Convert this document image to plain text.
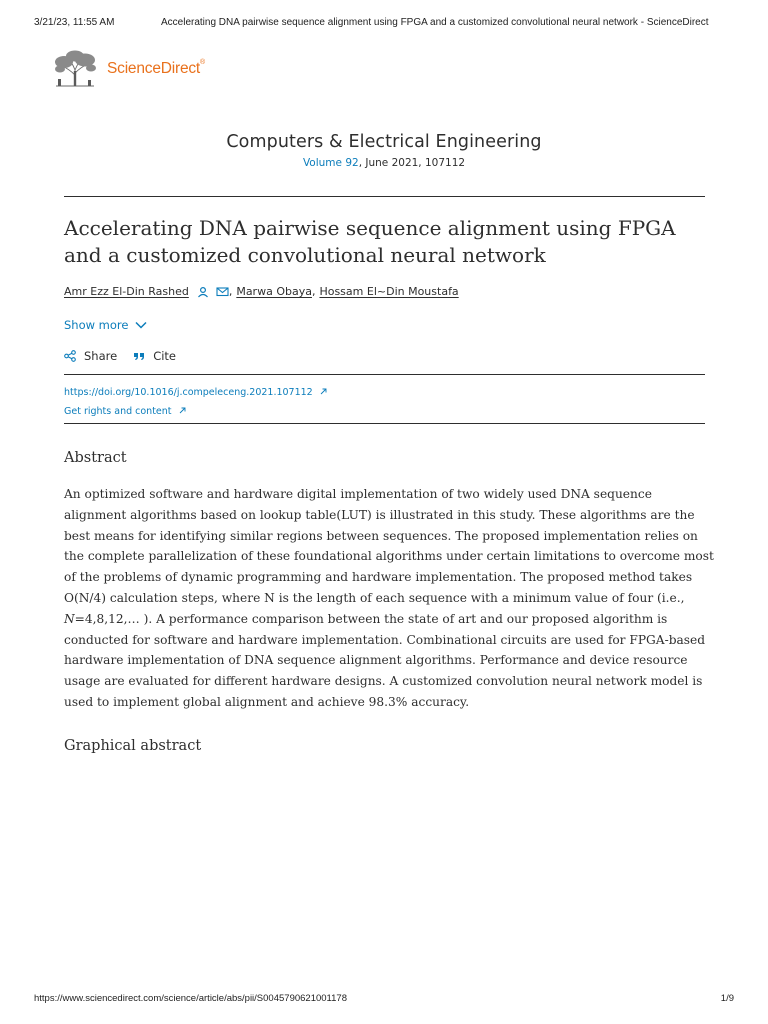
3/21/23, 11:55 AM	Accelerating DNA pairwise sequence alignment using FPGA and a customized convolutional neural network - ScienceDirect
ScienceDirect®
Computers & Electrical Engineering
Volume 92, June 2021, 107112
Accelerating DNA pairwise sequence alignment using FPGA and a customized convolutional neural network
Amr Ezz El-Din Rashed	, Marwa Obaya , Hossam El~Din Moustafa
Show more
Share	Cite
https://doi.org/10.1016/j.compeleceng.2021.107112
Get rights and content
Abstract

An optimized software and hardware digital implementation of two widely used DNA sequence alignment algorithms based on lookup table(LUT) is illustrated in this study. These algorithms are the best means for identifying similar regions between sequences. The proposed implementation relies on the complete parallelization of these foundational algorithms under certain limitations to overcome most of the problems of dynamic programming and hardware implementation. The proposed method takes O(N/4) calculation steps, where N is the length of each sequence with a minimum value of four (i.e., N=4,8,12,… ). A performance comparison between the state of art and our proposed algorithm is conducted for software and hardware implementation. Combinational circuits are used for FPGA-based hardware implementation of DNA sequence alignment algorithms. Performance and device resource usage are evaluated for different hardware designs. A customized convolution neural network model is used to implement global alignment and achieve 98.3% accuracy.

Graphical abstract
https://www.sciencedirect.com/science/article/abs/pii/S0045790621001178	1/9
